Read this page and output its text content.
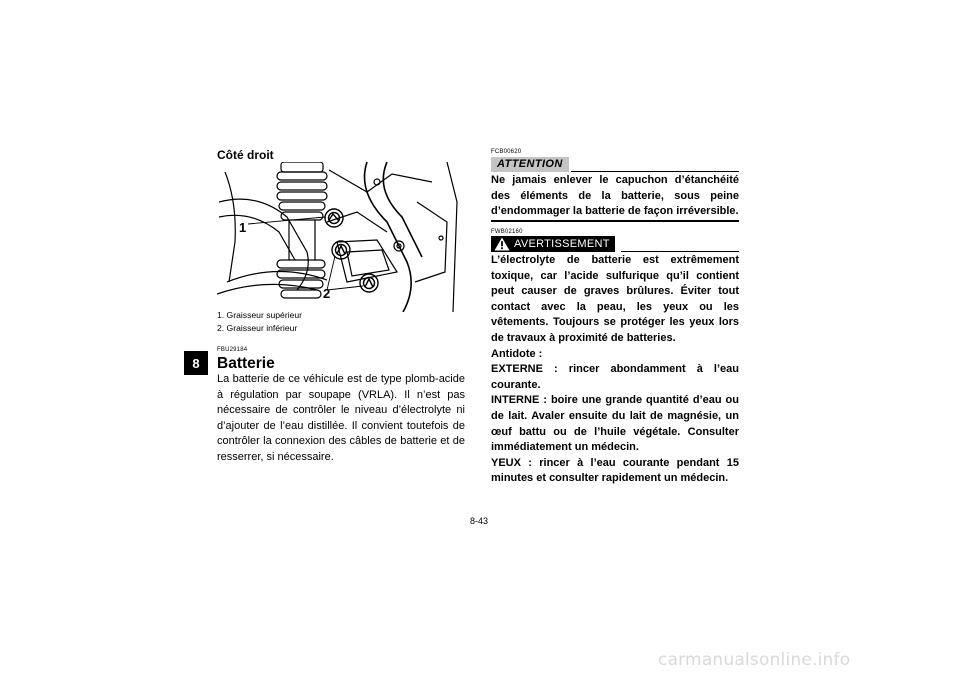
8
Côté droit
1
2
1. Graisseur supérieur
2. Graisseur inférieur
FBU29184
Batterie
La batterie de ce véhicule est de type plomb-acide à régulation par soupape (VRLA). Il n’est pas nécessaire de contrôler le niveau d’électrolyte ni d’ajouter de l’eau distillée. Il convient toutefois de contrôler la connexion des câbles de batterie et de resserrer, si nécessaire.
FCB00620
ATTENTION
Ne jamais enlever le capuchon d’étanchéité des éléments de la batterie, sous peine d’endommager la batterie de façon irréversible.
FWB02160
AVERTISSEMENT
L’électrolyte de batterie est extrêmement toxique, car l’acide sulfurique qu’il contient peut causer de graves brûlures. Éviter tout contact avec la peau, les yeux ou les vêtements. Toujours se protéger les yeux lors de travaux à proximité de batteries.
Antidote :
EXTERNE : rincer abondamment à l’eau courante.
INTERNE : boire une grande quantité d’eau ou de lait. Avaler ensuite du lait de magnésie, un œuf battu ou de l’huile végétale. Consulter immédiatement un médecin.
YEUX : rincer à l’eau courante pendant 15 minutes et consulter rapidement un médecin.
8-43
carmanualsonline.info
